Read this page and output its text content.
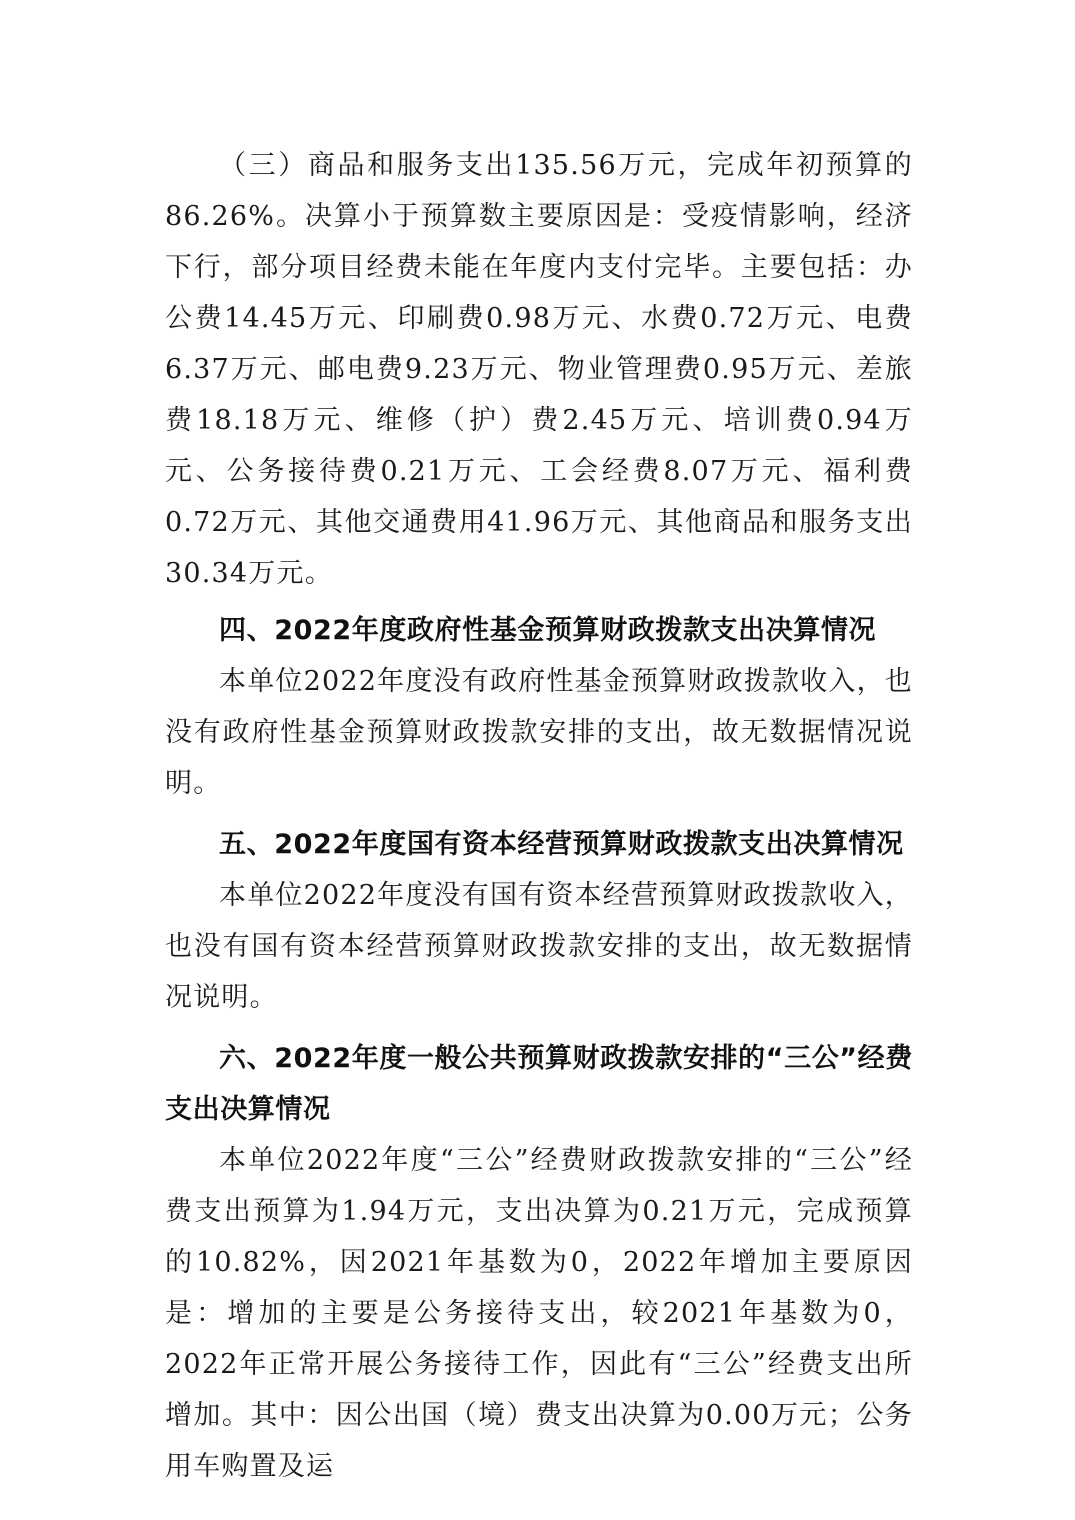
（三）商品和服务支出135.56万元，完成年初预算的86.26%。决算小于预算数主要原因是：受疫情影响，经济下行，部分项目经费未能在年度内支付完毕。主要包括：办公费14.45万元、印刷费0.98万元、水费0.72万元、电费6.37万元、邮电费9.23万元、物业管理费0.95万元、差旅费18.18万元、维修（护）费2.45万元、培训费0.94万元、公务接待费0.21万元、工会经费8.07万元、福利费0.72万元、其他交通费用41.96万元、其他商品和服务支出30.34万元。

四、2022年度政府性基金预算财政拨款支出决算情况

本单位2022年度没有政府性基金预算财政拨款收入，也没有政府性基金预算财政拨款安排的支出，故无数据情况说明。

五、2022年度国有资本经营预算财政拨款支出决算情况

本单位2022年度没有国有资本经营预算财政拨款收入，也没有国有资本经营预算财政拨款安排的支出，故无数据情况说明。

六、2022年度一般公共预算财政拨款安排的“三公”经费支出决算情况

本单位2022年度“三公”经费财政拨款安排的“三公”经费支出预算为1.94万元，支出决算为0.21万元，完成预算的10.82%，因2021年基数为0，2022年增加主要原因是：增加的主要是公务接待支出，较2021年基数为0，2022年正常开展公务接待工作，因此有“三公”经费支出所增加。其中：因公出国（境）费支出决算为0.00万元；公务用车购置及运
